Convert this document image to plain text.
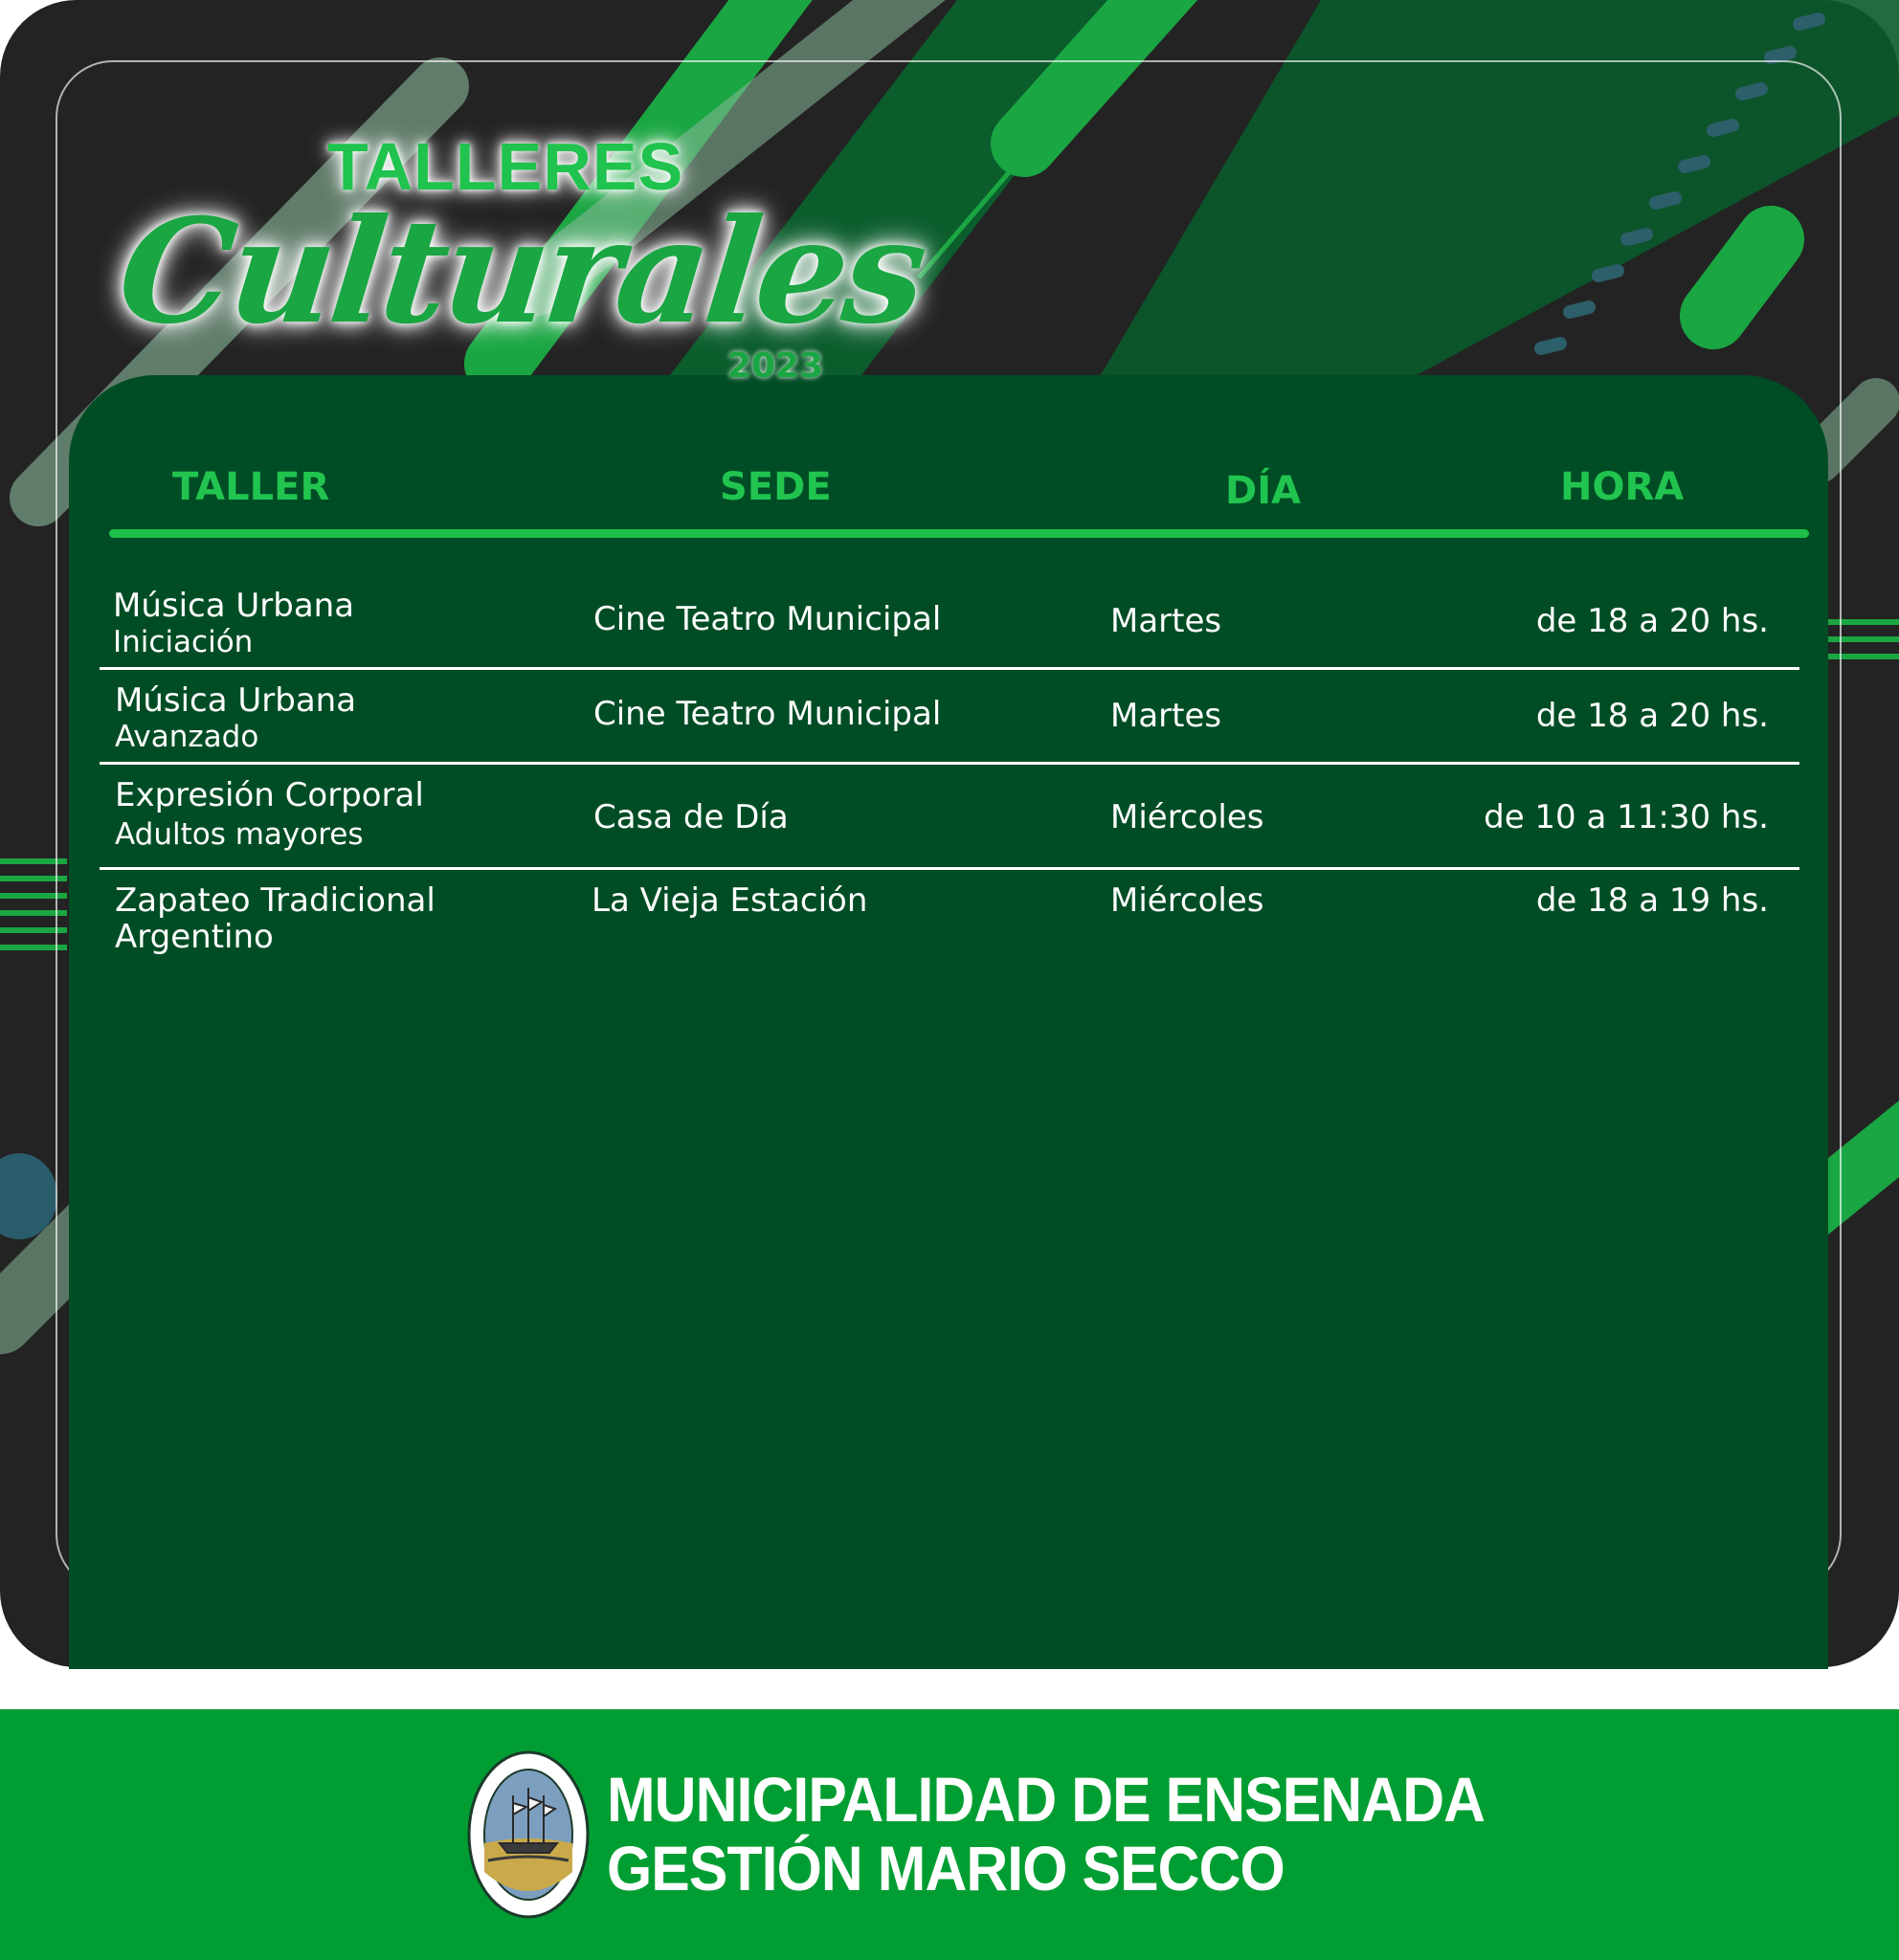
TALLERES
Culturales
2023
TALLER	SEDE	DÍA	HORA
Música Urbana
Iniciación
Cine Teatro Municipal	Martes	de 18 a 20 hs.
Música Urbana
Avanzado
Cine Teatro Municipal	Martes	de 18 a 20 hs.
Expresión Corporal
Adultos mayores	Casa de Día	Miércoles	de 10 a 11:30 hs.
Zapateo Tradicional
Argentino
La Vieja Estación	Miércoles	de 18 a 19 hs.
MUNICIPALIDAD DE ENSENADA
GESTIÓN MARIO SECCO
